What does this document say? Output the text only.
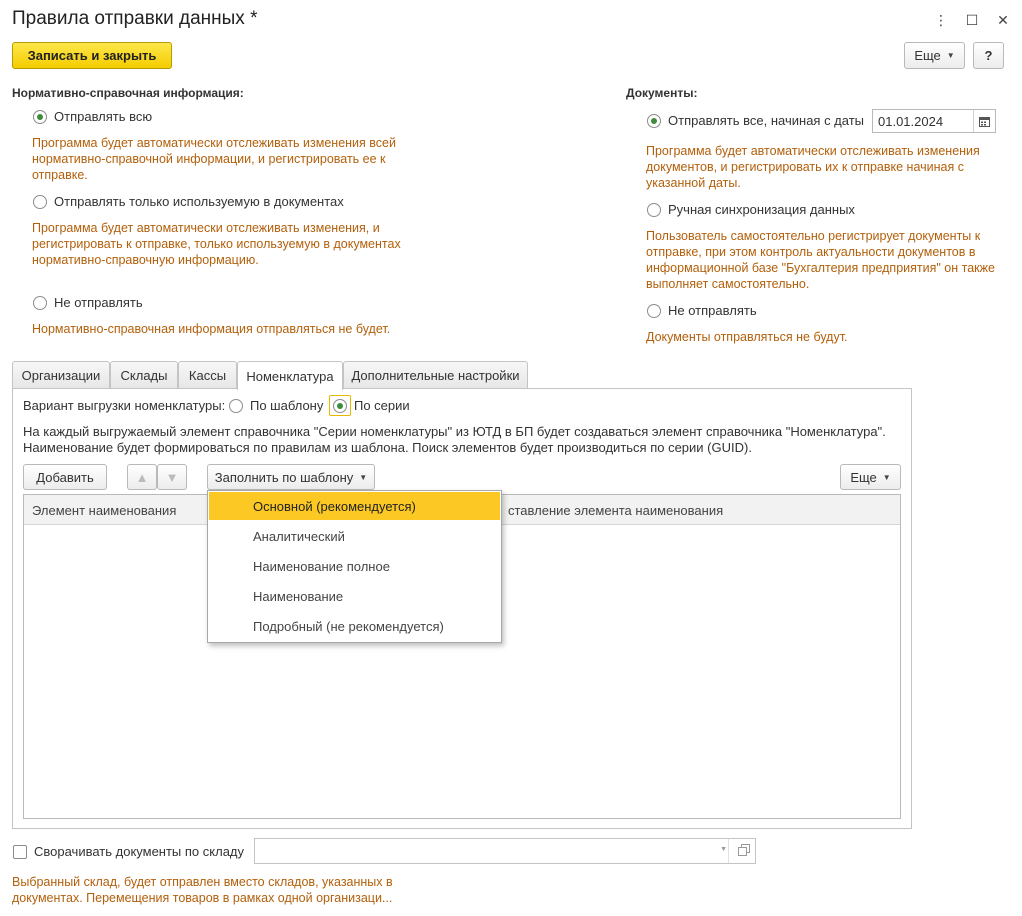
Правила отправки данных *	⋮	☐	✕
Записать и закрыть	Еще ▼	?
Нормативно-справочная информация:
Отправлять всю
Программа будет автоматически отслеживать изменения всей
нормативно-справочной информации, и регистрировать ее к
отправке.
Отправлять только используемую в документах
Программа будет автоматически отслеживать изменения, и
регистрировать к отправке, только используемую в документах
нормативно-справочную информацию.
Не отправлять
Нормативно-справочная информация отправляться не будет.
Документы:
Отправлять все, начиная с даты	01.01.2024
Программа будет автоматически отслеживать изменения
документов, и регистрировать их к отправке начиная с
указанной даты.
Ручная синхронизация данных
Пользователь самостоятельно регистрирует документы к
отправке, при этом контроль актуальности документов в
информационной базе "Бухгалтерия предприятия" он также
выполняет самостоятельно.
Не отправлять
Документы отправляться не будут.
Организации	Склады	Кассы	Номенклатура	Дополнительные настройки
Вариант выгрузки номенклатуры: По шаблону По серии
На каждый выгружаемый элемент справочника "Серии номенклатуры" из ЮТД в БП будет создаваться элемент справочника "Номенклатура".
Наименование будет формироваться по правилам из шаблона. Поиск элементов будет производиться по серии (GUID).
Добавить	▲ ▼	Заполнить по шаблону ▼	Еще ▼
Элемент наименования	ставление элемента наименования
Основной (рекомендуется)
Аналитический
Наименование полное
Наименование
Подробный (не рекомендуется)
Сворачивать документы по складу	▼
Выбранный склад, будет отправлен вместо складов, указанных в
документах. Перемещения товаров в рамках одной организаци...
